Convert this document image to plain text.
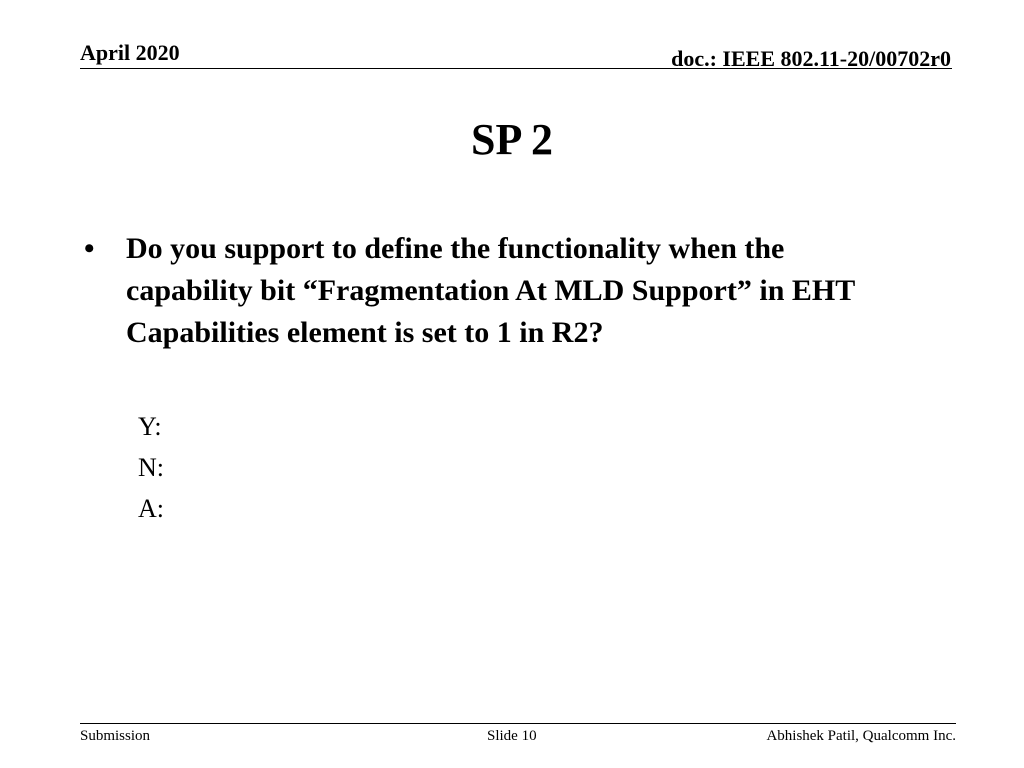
April 2020	doc.: IEEE 802.11-20/00702r0
SP 2
•	Do you support to define the functionality when the capability bit “Fragmentation At MLD Support” in EHT Capabilities element is set to 1 in R2?
Y:
N:
A:
Submission	Slide 10	Abhishek Patil, Qualcomm Inc.
